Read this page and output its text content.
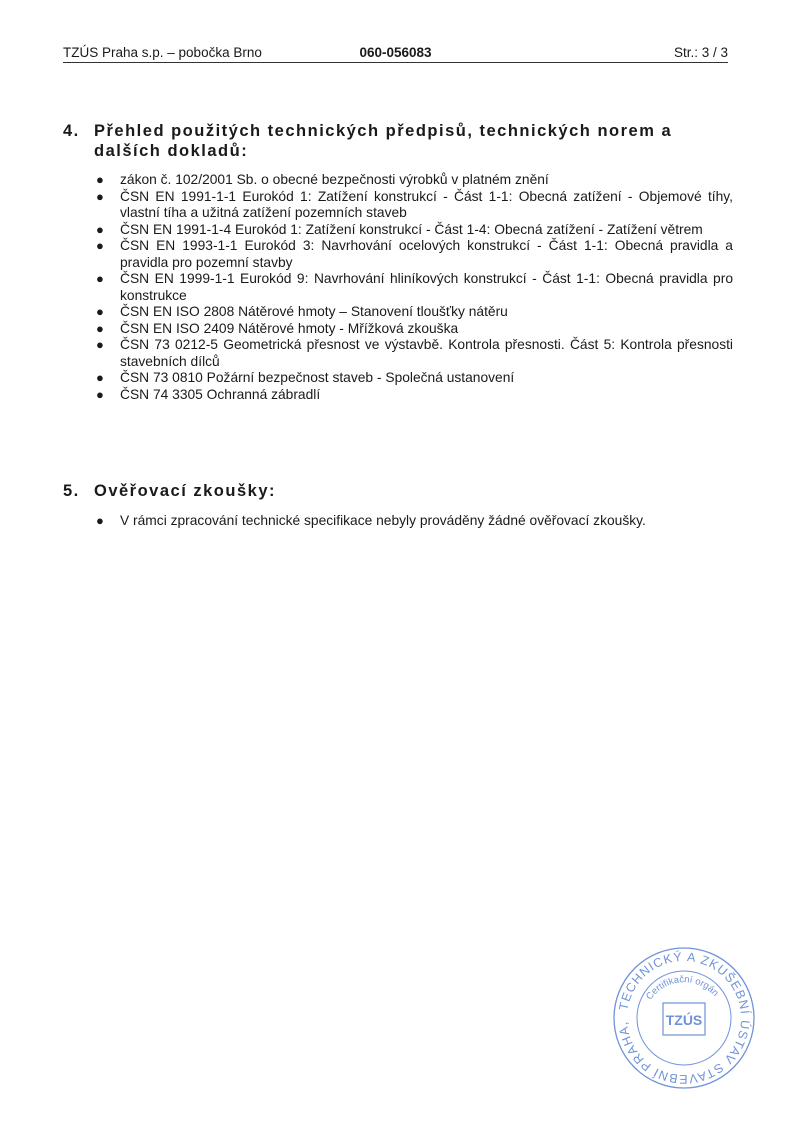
TZÚS Praha s.p. – pobočka Brno	060-056083	Str.: 3 / 3
4. Přehled použitých technických předpisů, technických norem a dalších dokladů:
● zákon č. 102/2001 Sb. o obecné bezpečnosti výrobků v platném znění
● ČSN EN 1991-1-1 Eurokód 1: Zatížení konstrukcí - Část 1-1: Obecná zatížení - Objemové tíhy, vlastní tíha a užitná zatížení pozemních staveb
● ČSN EN 1991-1-4 Eurokód 1: Zatížení konstrukcí - Část 1-4: Obecná zatížení - Zatížení větrem
● ČSN EN 1993-1-1 Eurokód 3: Navrhování ocelových konstrukcí - Část 1-1: Obecná pravidla a pravidla pro pozemní stavby
● ČSN EN 1999-1-1 Eurokód 9: Navrhování hliníkových konstrukcí - Část 1-1: Obecná pravidla pro konstrukce
● ČSN EN ISO 2808 Nátěrové hmoty – Stanovení tloušťky nátěru
● ČSN EN ISO 2409 Nátěrové hmoty - Mřížková zkouška
● ČSN 73 0212-5 Geometrická přesnost ve výstavbě. Kontrola přesnosti. Část 5: Kontrola přesnosti stavebních dílců
● ČSN 73 0810 Požární bezpečnost staveb - Společná ustanovení
● ČSN 74 3305 Ochranná zábradlí
5. Ověřovací zkoušky:
● V rámci zpracování technické specifikace nebyly prováděny žádné ověřovací zkoušky.
TECHNICKÝ A ZKUŠEBNÍ ÚSTAV STAVEBNÍ PRAHA,
Certifikační orgán
TZÚS
